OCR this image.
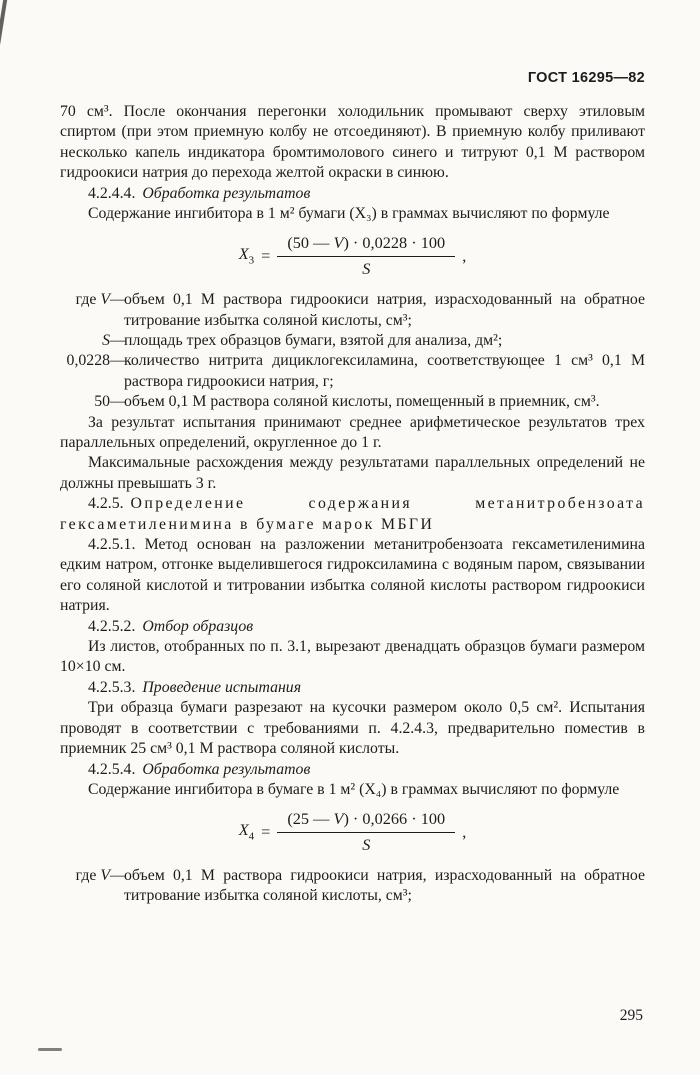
ГОСТ 16295—82

70 см³. После окончания перегонки холодильник промывают сверху этиловым спиртом (при этом приемную колбу не отсоединяют). В приемную колбу приливают несколько капель индикатора бромтимолового синего и титруют 0,1 М раствором гидроокиси натрия до перехода желтой окраски в синюю.

4.2.4.4. Обработка результатов

Содержание ингибитора в 1 м² бумаги (X₃) в граммах вычисляют по формуле

$X_3 = \frac{(50 — V) \cdot 0,0228 \cdot 100}{S}$ ,
где V —
объем 0,1 М раствора гидроокиси натрия, израсходованный на обратное титрование избытка соляной кислоты, см³;
S —
площадь трех образцов бумаги, взятой для анализа, дм²;
0,0228 —
количество нитрита дициклогексиламина, соответствующее 1 см³ 0,1 М раствора гидроокиси натрия, г;
50 —
объем 0,1 М раствора соляной кислоты, помещенный в приемник, см³.

За результат испытания принимают среднее арифметическое результатов трех параллельных определений, округленное до 1 г.

Максимальные расхождения между результатами параллельных определений не должны превышать 3 г.

4.2.5. Определение содержания метанитробензоата гексаметиленимина в бумаге марок МБГИ

4.2.5.1. Метод основан на разложении метанитробензоата гексаметиленимина едким натром, отгонке выделившегося гидроксиламина с водяным паром, связывании его соляной кислотой и титровании избытка соляной кислоты раствором гидроокиси натрия.

4.2.5.2. Отбор образцов

Из листов, отобранных по п. 3.1, вырезают двенадцать образцов бумаги размером 10×10 см.

4.2.5.3. Проведение испытания

Три образца бумаги разрезают на кусочки размером около 0,5 см². Испытания проводят в соответствии с требованиями п. 4.2.4.3, предварительно поместив в приемник 25 см³ 0,1 М раствора соляной кислоты.

4.2.5.4. Обработка результатов

Содержание ингибитора в бумаге в 1 м² (X₄) в граммах вычисляют по формуле

$X_4 = \frac{(25 — V) \cdot 0,0266 \cdot 100}{S}$ ,
где V —
объем 0,1 М раствора гидроокиси натрия, израсходованный на обратное титрование избытка соляной кислоты, см³;
295
